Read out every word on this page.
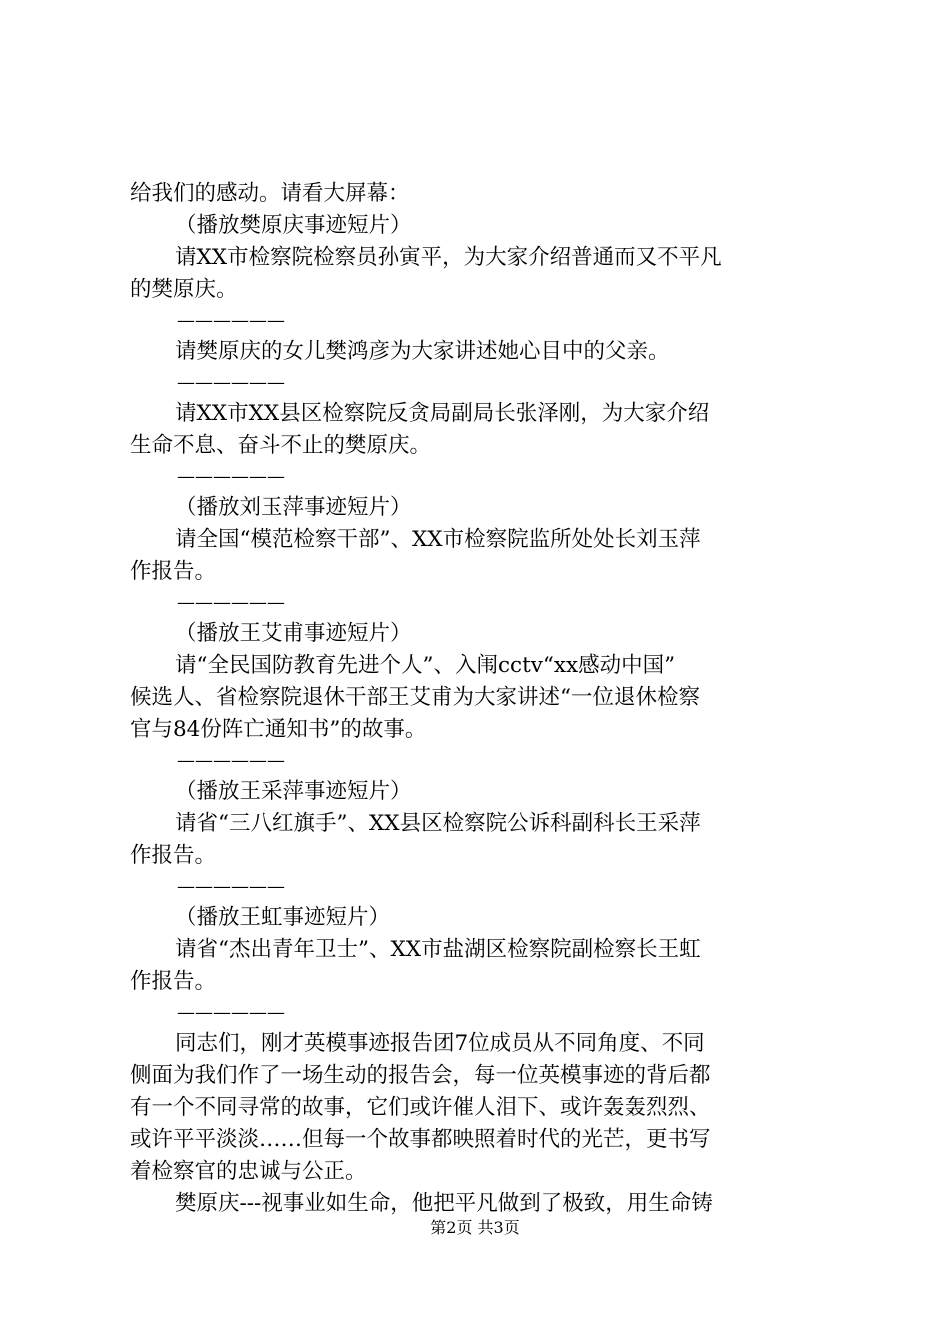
给我们的感动。请看大屏幕：
（播放樊原庆事迹短片）
请XX市检察院检察员孙寅平，为大家介绍普通而又不平凡
的樊原庆。
——————
请樊原庆的女儿樊鸿彦为大家讲述她心目中的父亲。
——————
请XX市XX县区检察院反贪局副局长张泽刚，为大家介绍
生命不息、奋斗不止的樊原庆。
——————
（播放刘玉萍事迹短片）
请全国“模范检察干部”、XX市检察院监所处处长刘玉萍
作报告。
——————
（播放王艾甫事迹短片）
请“全民国防教育先进个人”、入闱cctv“xx感动中国”
候选人、省检察院退休干部王艾甫为大家讲述“一位退休检察
官与84份阵亡通知书”的故事。
——————
（播放王采萍事迹短片）
请省“三八红旗手”、XX县区检察院公诉科副科长王采萍
作报告。
——————
（播放王虹事迹短片）
请省“杰出青年卫士”、XX市盐湖区检察院副检察长王虹
作报告。
——————
同志们，刚才英模事迹报告团7位成员从不同角度、不同
侧面为我们作了一场生动的报告会，每一位英模事迹的背后都
有一个不同寻常的故事，它们或许催人泪下、或许轰轰烈烈、
或许平平淡淡……但每一个故事都映照着时代的光芒，更书写
着检察官的忠诚与公正。
樊原庆---视事业如生命，他把平凡做到了极致，用生命铸
第2页 共3页
